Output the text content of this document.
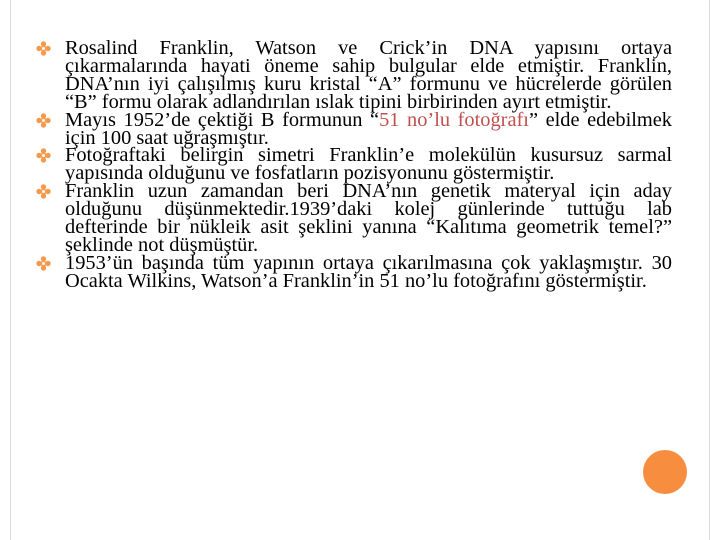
Rosalind Franklin, Watson ve Crick’in DNA yapısını ortaya çıkarmalarında hayati öneme sahip bulgular elde etmiştir. Franklin, DNA’nın iyi çalışılmış kuru kristal “A” formunu ve hücrelerde görülen “B” formu olarak adlandırılan ıslak tipini birbirinden ayırt etmiştir.
Mayıs 1952’de çektiği B formunun “51 no’lu fotoğrafı” elde edebilmek için 100 saat uğraşmıştır.
Fotoğraftaki belirgin simetri Franklin’e molekülün kusursuz sarmal yapısında olduğunu ve fosfatların pozisyonunu göstermiştir.
Franklin uzun zamandan beri DNA’nın genetik materyal için aday olduğunu düşünmektedir.1939’daki kolej günlerinde tuttuğu lab defterinde bir nükleik asit şeklini yanına “Kalıtıma geometrik temel?” şeklinde not düşmüştür.
1953’ün başında tüm yapının ortaya çıkarılmasına çok yaklaşmıştır. 30 Ocakta Wilkins, Watson’a Franklin’in 51 no’lu fotoğrafını göstermiştir.
